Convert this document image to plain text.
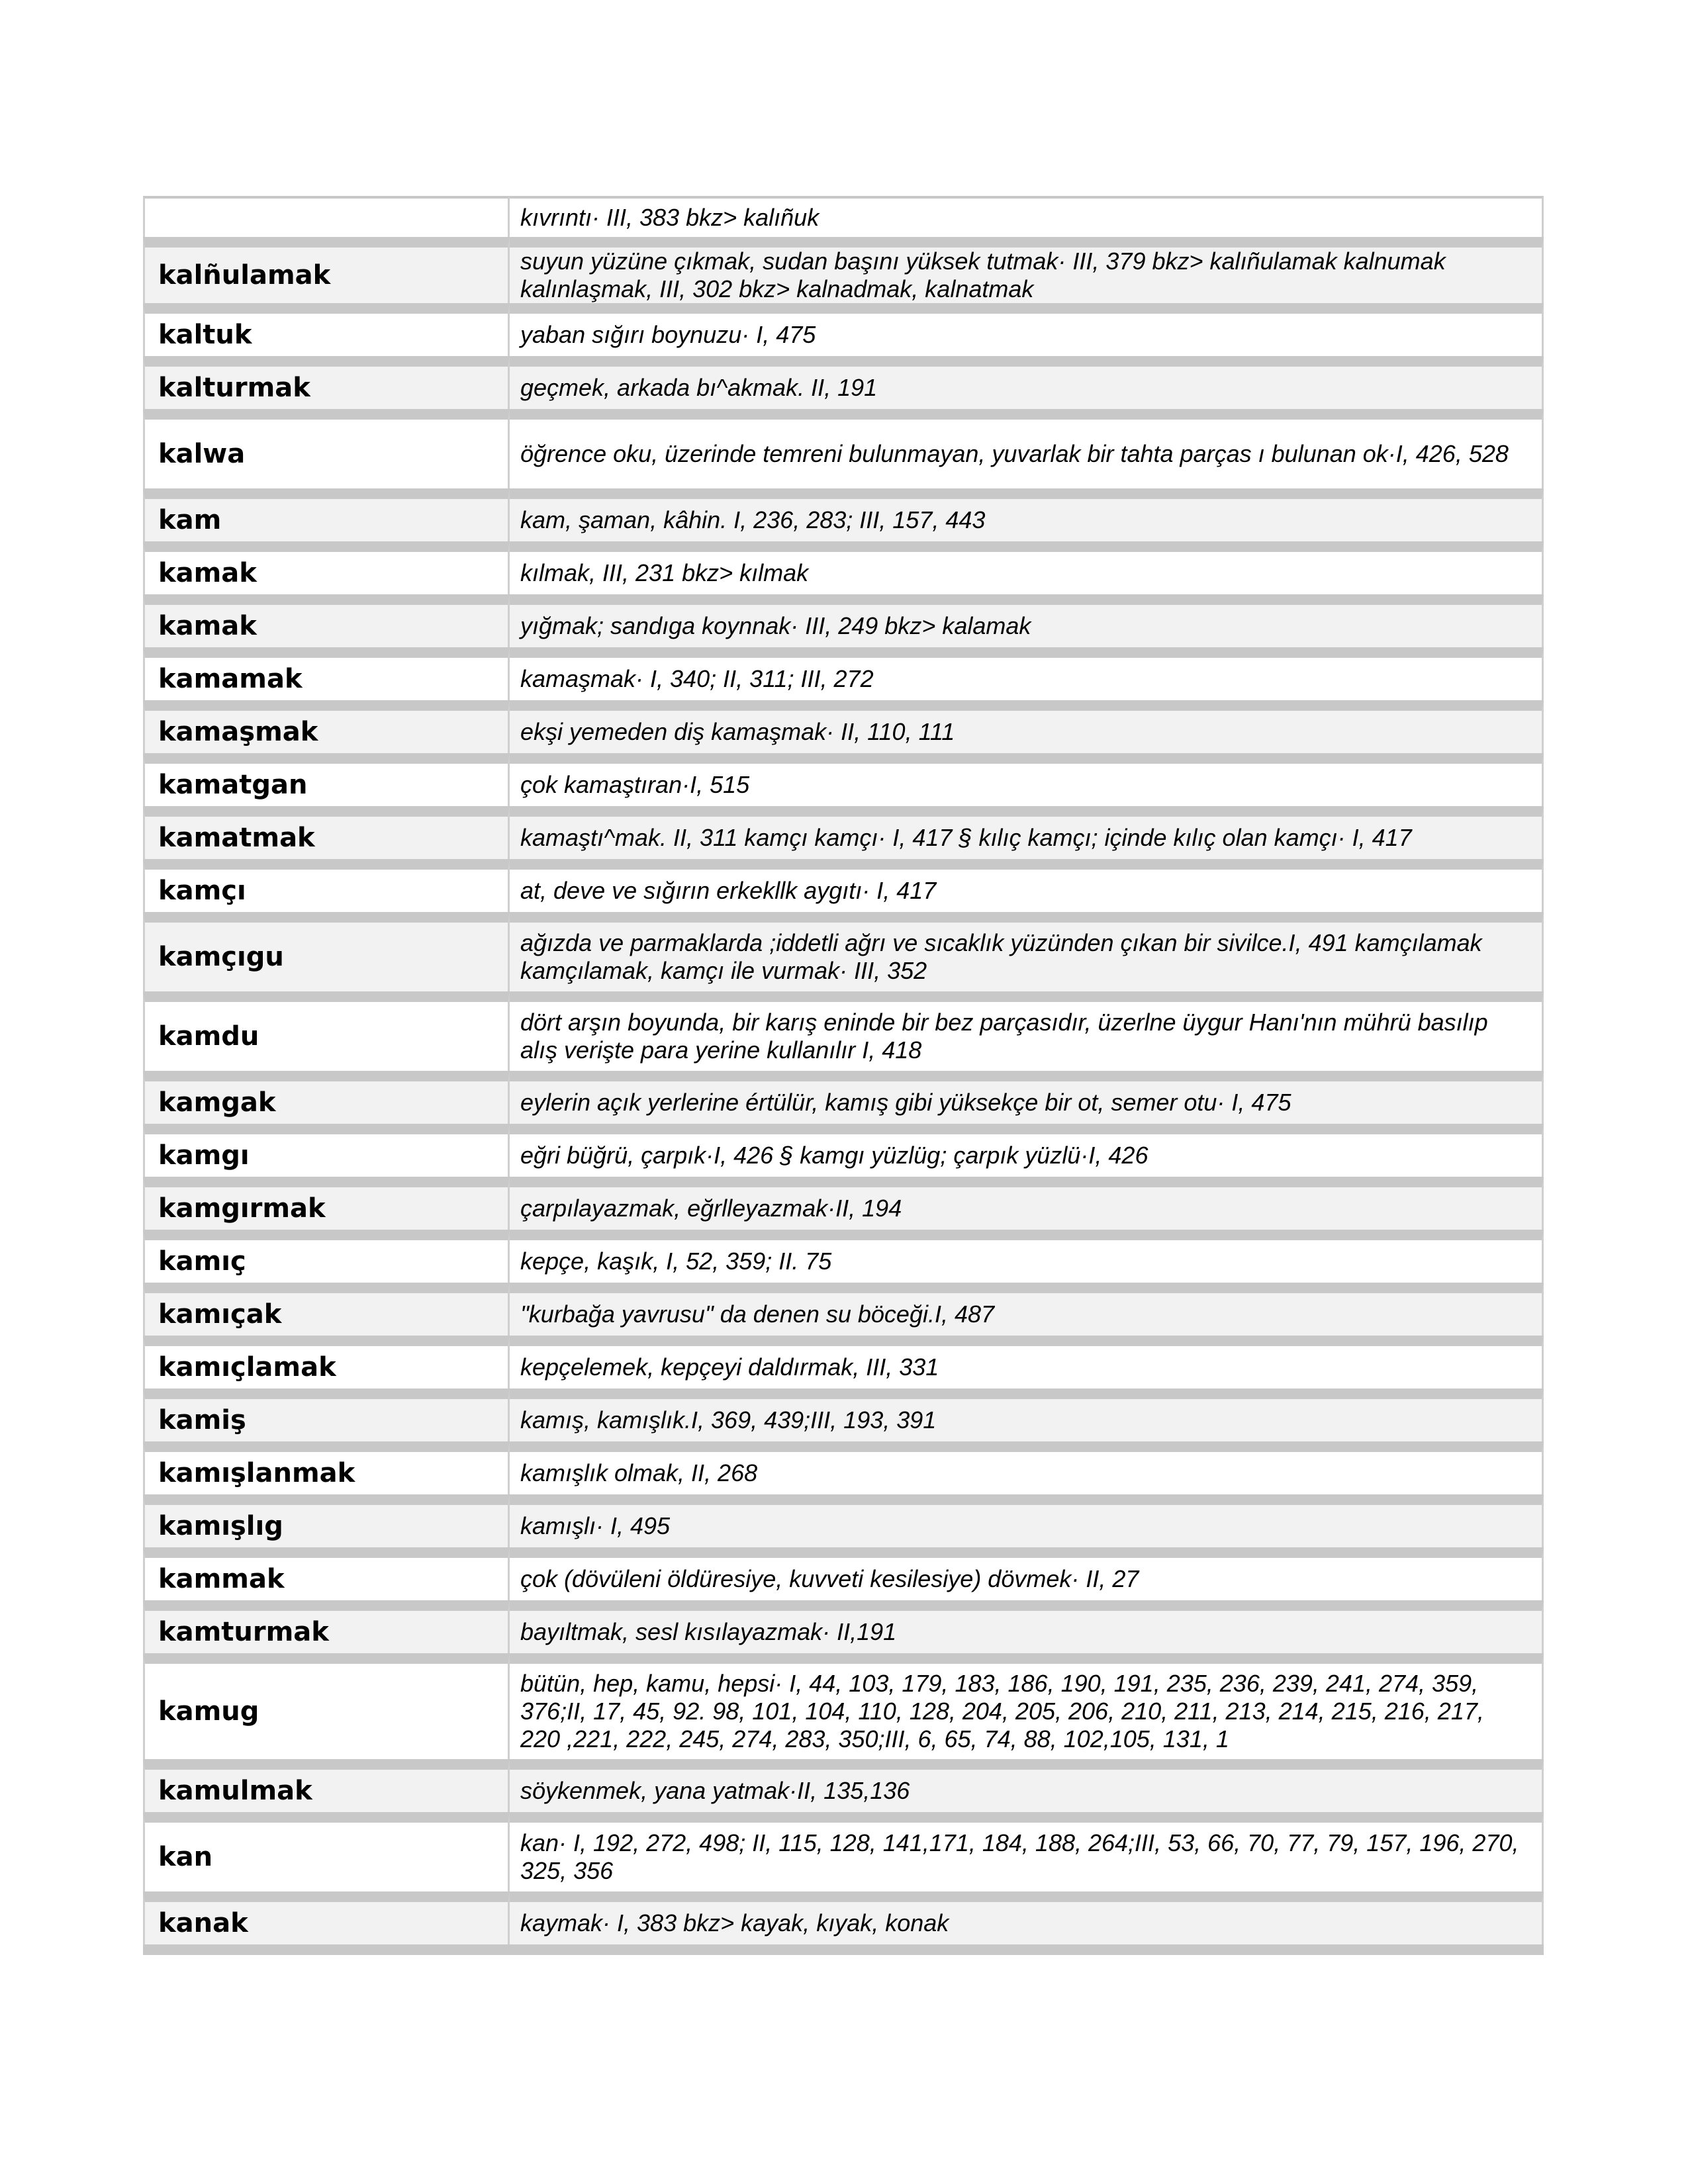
	kıvrıntı· III, 383 bkz> kalıñuk
kalñulamak	suyun yüzüne çıkmak, sudan başını yüksek tutmak· III, 379 bkz> kalıñulamak kalnumak kalınlaşmak, III, 302 bkz> kalnadmak, kalnatmak
kaltuk	yaban sığırı boynuzu· I, 475
kalturmak	geçmek, arkada bı^akmak. II, 191
kalwa	öğrence oku, üzerinde temreni bulunmayan, yuvarlak bir tahta parças ı bulunan ok·I, 426, 528
kam	kam, şaman, kâhin. I, 236, 283; III, 157, 443
kamak	kılmak, III, 231 bkz> kılmak
kamak	yığmak; sandıga koynnak· III, 249 bkz> kalamak
kamamak	kamaşmak· I, 340; II, 311; III, 272
kamaşmak	ekşi yemeden diş kamaşmak· II, 110, 111
kamatgan	çok kamaştıran·I, 515
kamatmak	kamaştı^mak. II, 311 kamçı kamçı· I, 417 § kılıç kamçı; içinde kılıç olan kamçı· I, 417
kamçı	at, deve ve sığırın erkekllk aygıtı· I, 417
kamçıgu	ağızda ve parmaklarda ;iddetli ağrı ve sıcaklık yüzünden çıkan bir sivilce.I, 491 kamçılamak kamçılamak, kamçı ile vurmak· III, 352
kamdu	dört arşın boyunda, bir karış eninde bir bez parçasıdır, üzerlne üygur Hanı'nın mührü basılıp alış verişte para yerine kullanılır I, 418
kamgak	eylerin açık yerlerine értülür, kamış gibi yüksekçe bir ot, semer otu· I, 475
kamgı	eğri büğrü, çarpık·I, 426 § kamgı yüzlüg; çarpık yüzlü·I, 426
kamgırmak	çarpılayazmak, eğrlleyazmak·II, 194
kamıç	kepçe, kaşık, I, 52, 359; II. 75
kamıçak	"kurbağa yavrusu" da denen su böceği.I, 487
kamıçlamak	kepçelemek, kepçeyi daldırmak, III, 331
kamiş	kamış, kamışlık.I, 369, 439;III, 193, 391
kamışlanmak	kamışlık olmak, II, 268
kamışlıg	kamışlı· I, 495
kammak	çok (dövüleni öldüresiye, kuvveti kesilesiye) dövmek· II, 27
kamturmak	bayıltmak, sesl kısılayazmak· II,191
kamug	bütün, hep, kamu, hepsi· I, 44, 103, 179, 183, 186, 190, 191, 235, 236, 239, 241, 274, 359, 376;II, 17, 45, 92. 98, 101, 104, 110, 128, 204, 205, 206, 210, 211, 213, 214, 215, 216, 217, 220 ,221, 222, 245, 274, 283, 350;III, 6, 65, 74, 88, 102,105, 131, 1
kamulmak	söykenmek, yana yatmak·II, 135,136
kan	kan· I, 192, 272, 498; II, 115, 128, 141,171, 184, 188, 264;III, 53, 66, 70, 77, 79, 157, 196, 270, 325, 356
kanak	kaymak· I, 383 bkz> kayak, kıyak, konak
